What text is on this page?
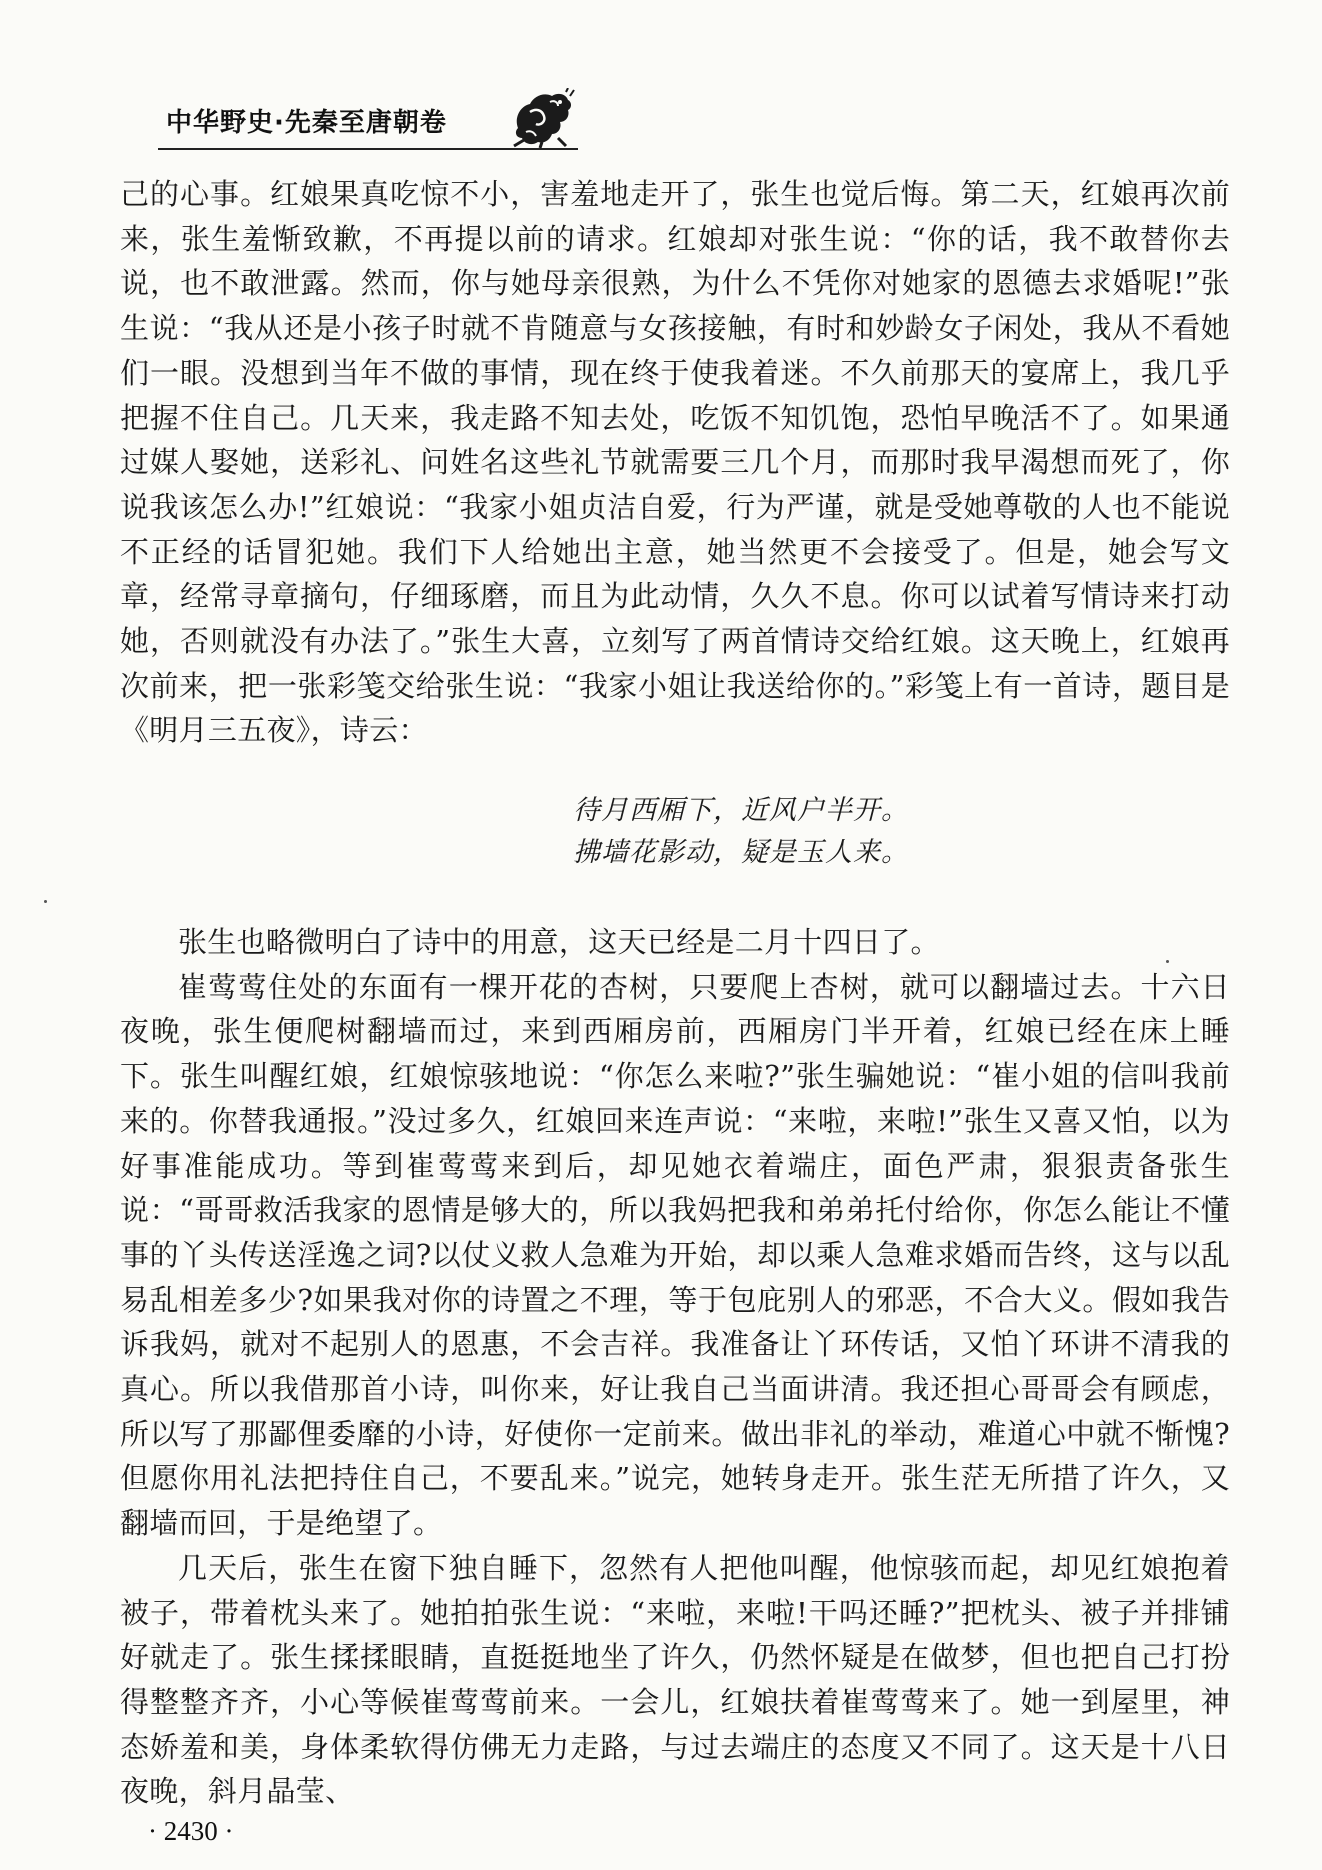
中华野史·先秦至唐朝卷

己的心事。红娘果真吃惊不小，害羞地走开了，张生也觉后悔。第二天，红娘再次前来，张生羞惭致歉，不再提以前的请求。红娘却对张生说：“你的话，我不敢替你去说，也不敢泄露。然而，你与她母亲很熟，为什么不凭你对她家的恩德去求婚呢!”张生说：“我从还是小孩子时就不肯随意与女孩接触，有时和妙龄女子闲处，我从不看她们一眼。没想到当年不做的事情，现在终于使我着迷。不久前那天的宴席上，我几乎把握不住自己。几天来，我走路不知去处，吃饭不知饥饱，恐怕早晚活不了。如果通过媒人娶她，送彩礼、问姓名这些礼节就需要三几个月，而那时我早渴想而死了，你说我该怎么办!”红娘说：“我家小姐贞洁自爱，行为严谨，就是受她尊敬的人也不能说不正经的话冒犯她。我们下人给她出主意，她当然更不会接受了。但是，她会写文章，经常寻章摘句，仔细琢磨，而且为此动情，久久不息。你可以试着写情诗来打动她，否则就没有办法了。”张生大喜，立刻写了两首情诗交给红娘。这天晚上，红娘再次前来，把一张彩笺交给张生说：“我家小姐让我送给你的。”彩笺上有一首诗，题目是《明月三五夜》，诗云：

待月西厢下，近风户半开。
拂墙花影动，疑是玉人来。

张生也略微明白了诗中的用意，这天已经是二月十四日了。

崔莺莺住处的东面有一棵开花的杏树，只要爬上杏树，就可以翻墙过去。十六日夜晚，张生便爬树翻墙而过，来到西厢房前，西厢房门半开着，红娘已经在床上睡下。张生叫醒红娘，红娘惊骇地说：“你怎么来啦?”张生骗她说：“崔小姐的信叫我前来的。你替我通报。”没过多久，红娘回来连声说：“来啦，来啦!”张生又喜又怕，以为好事准能成功。等到崔莺莺来到后，却见她衣着端庄，面色严肃，狠狠责备张生说：“哥哥救活我家的恩情是够大的，所以我妈把我和弟弟托付给你，你怎么能让不懂事的丫头传送淫逸之词?以仗义救人急难为开始，却以乘人急难求婚而告终，这与以乱易乱相差多少?如果我对你的诗置之不理，等于包庇别人的邪恶，不合大义。假如我告诉我妈，就对不起别人的恩惠，不会吉祥。我准备让丫环传话，又怕丫环讲不清我的真心。所以我借那首小诗，叫你来，好让我自己当面讲清。我还担心哥哥会有顾虑，所以写了那鄙俚委靡的小诗，好使你一定前来。做出非礼的举动，难道心中就不惭愧?但愿你用礼法把持住自己，不要乱来。”说完，她转身走开。张生茫无所措了许久，又翻墙而回，于是绝望了。

几天后，张生在窗下独自睡下，忽然有人把他叫醒，他惊骇而起，却见红娘抱着被子，带着枕头来了。她拍拍张生说：“来啦，来啦!干吗还睡?”把枕头、被子并排铺好就走了。张生揉揉眼睛，直挺挺地坐了许久，仍然怀疑是在做梦，但也把自己打扮得整整齐齐，小心等候崔莺莺前来。一会儿，红娘扶着崔莺莺来了。她一到屋里，神态娇羞和美，身体柔软得仿佛无力走路，与过去端庄的态度又不同了。这天是十八日夜晚，斜月晶莹、

· 2430 ·
